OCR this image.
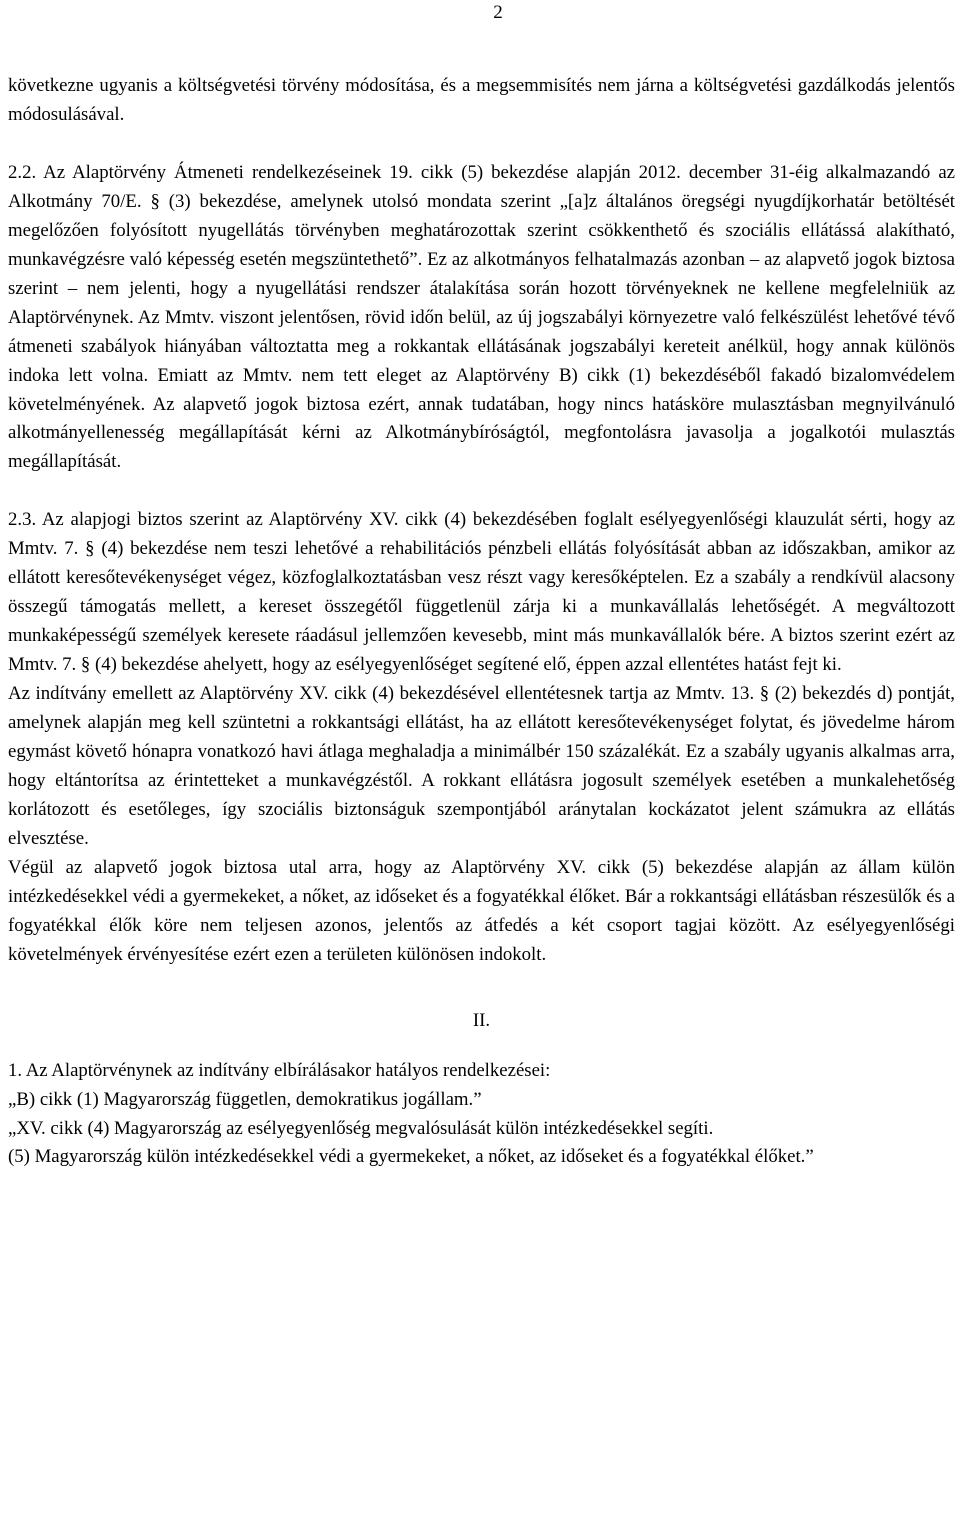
2

következne ugyanis a költségvetési törvény módosítása, és a megsemmisítés nem járna a költségvetési gazdálkodás jelentős módosulásával.

2.2. Az Alaptörvény Átmeneti rendelkezéseinek 19. cikk (5) bekezdése alapján 2012. december 31-éig alkalmazandó az Alkotmány 70/E. § (3) bekezdése, amelynek utolsó mondata szerint „[a]z általános öregségi nyugdíjkorhatár betöltését megelőzően folyósított nyugellátás törvényben meghatározottak szerint csökkenthető és szociális ellátássá alakítható, munkavégzésre való képesség esetén megszüntethető”. Ez az alkotmányos felhatalmazás azonban – az alapvető jogok biztosa szerint – nem jelenti, hogy a nyugellátási rendszer átalakítása során hozott törvényeknek ne kellene megfelelniük az Alaptörvénynek. Az Mmtv. viszont jelentősen, rövid időn belül, az új jogszabályi környezetre való felkészülést lehetővé tévő átmeneti szabályok hiányában változtatta meg a rokkantak ellátásának jogszabályi kereteit anélkül, hogy annak különös indoka lett volna. Emiatt az Mmtv. nem tett eleget az Alaptörvény B) cikk (1) bekezdéséből fakadó bizalomvédelem követelményének. Az alapvető jogok biztosa ezért, annak tudatában, hogy nincs hatásköre mulasztásban megnyilvánuló alkotmányellenesség megállapítását kérni az Alkotmánybíróságtól, megfontolásra javasolja a jogalkotói mulasztás megállapítását.

2.3. Az alapjogi biztos szerint az Alaptörvény XV. cikk (4) bekezdésében foglalt esélyegyenlőségi klauzulát sérti, hogy az Mmtv. 7. § (4) bekezdése nem teszi lehetővé a rehabilitációs pénzbeli ellátás folyósítását abban az időszakban, amikor az ellátott keresőtevékenységet végez, közfoglalkoztatásban vesz részt vagy keresőképtelen. Ez a szabály a rendkívül alacsony összegű támogatás mellett, a kereset összegétől függetlenül zárja ki a munkavállalás lehetőségét. A megváltozott munkaképességű személyek keresete ráadásul jellemzően kevesebb, mint más munkavállalók bére. A biztos szerint ezért az Mmtv. 7. § (4) bekezdése ahelyett, hogy az esélyegyenlőséget segítené elő, éppen azzal ellentétes hatást fejt ki.

Az indítvány emellett az Alaptörvény XV. cikk (4) bekezdésével ellentétesnek tartja az Mmtv. 13. § (2) bekezdés d) pontját, amelynek alapján meg kell szüntetni a rokkantsági ellátást, ha az ellátott keresőtevékenységet folytat, és jövedelme három egymást követő hónapra vonatkozó havi átlaga meghaladja a minimálbér 150 százalékát. Ez a szabály ugyanis alkalmas arra, hogy eltántorítsa az érintetteket a munkavégzéstől. A rokkant ellátásra jogosult személyek esetében a munkalehetőség korlátozott és esetőleges, így szociális biztonságuk szempontjából aránytalan kockázatot jelent számukra az ellátás elvesztése.

Végül az alapvető jogok biztosa utal arra, hogy az Alaptörvény XV. cikk (5) bekezdése alapján az állam külön intézkedésekkel védi a gyermekeket, a nőket, az időseket és a fogyatékkal élőket. Bár a rokkantsági ellátásban részesülők és a fogyatékkal élők köre nem teljesen azonos, jelentős az átfedés a két csoport tagjai között. Az esélyegyenlőségi követelmények érvényesítése ezért ezen a területen különösen indokolt.

II.

1. Az Alaptörvénynek az indítvány elbírálásakor hatályos rendelkezései:

„B) cikk (1) Magyarország független, demokratikus jogállam.”

„XV. cikk (4) Magyarország az esélyegyenlőség megvalósulását külön intézkedésekkel segíti.

(5) Magyarország külön intézkedésekkel védi a gyermekeket, a nőket, az időseket és a fogyatékkal élőket.”
